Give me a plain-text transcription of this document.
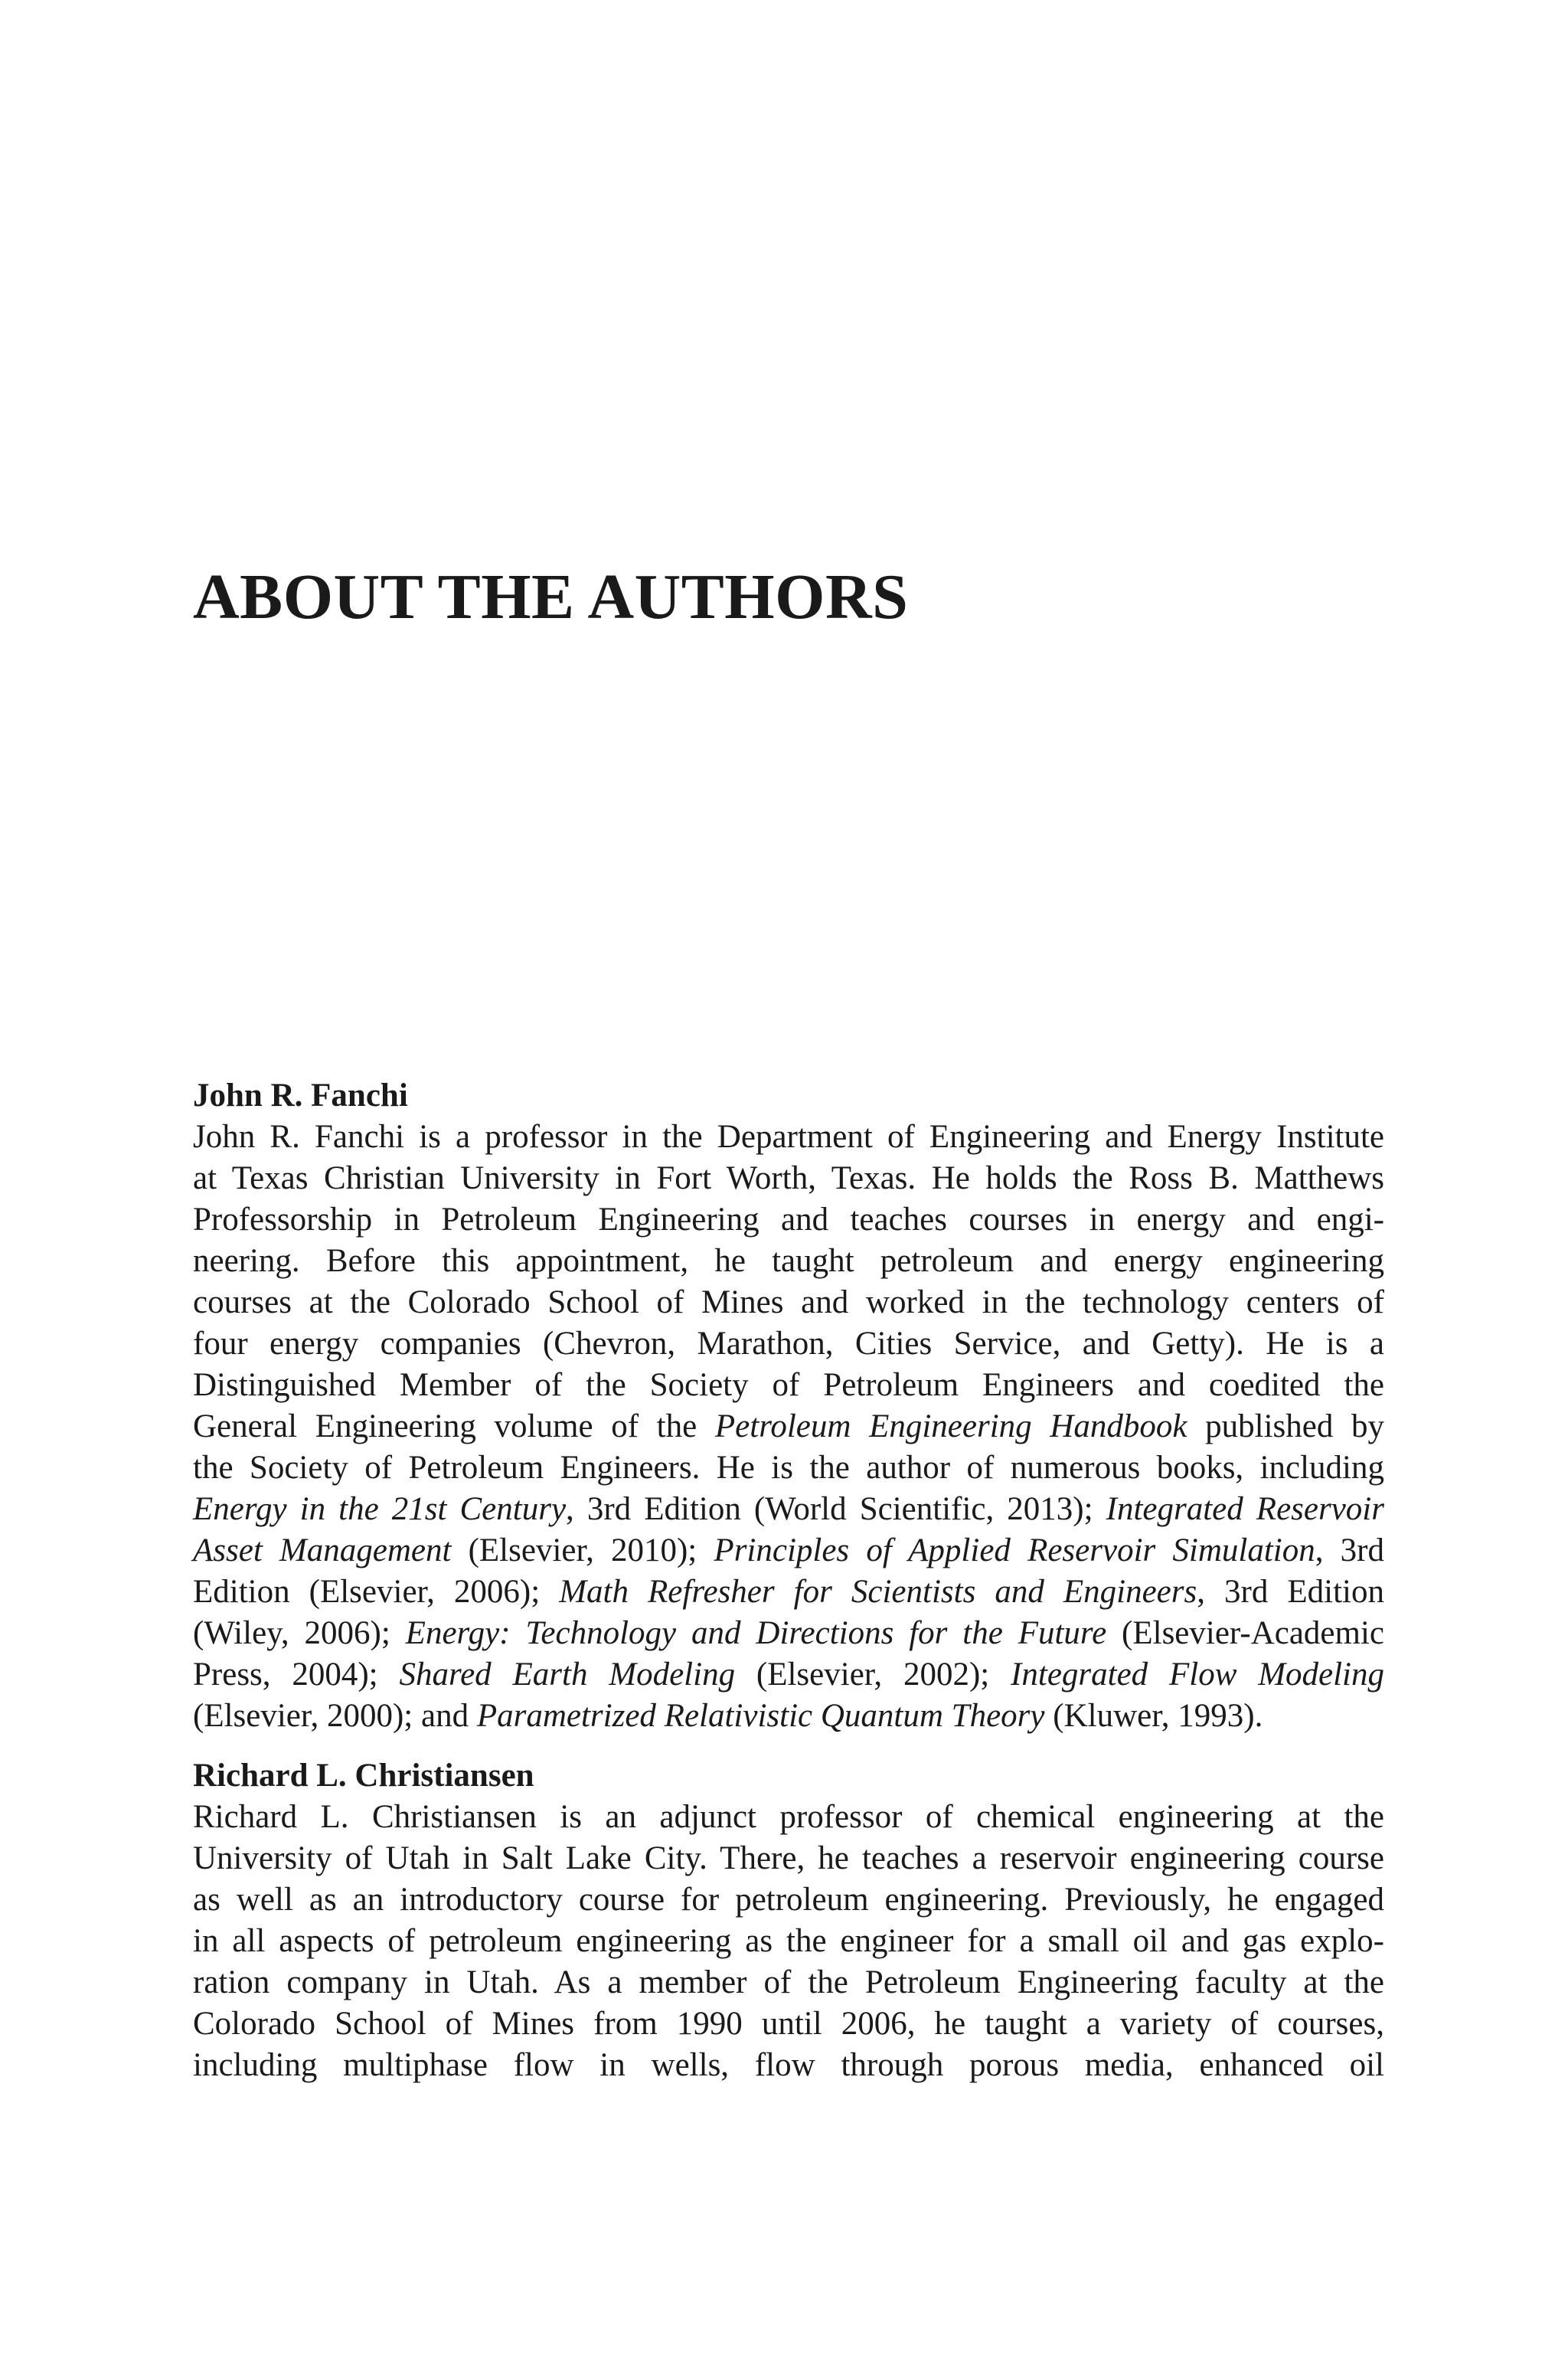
ABOUT THE AUTHORS
John R. Fanchi
John R. Fanchi is a professor in the Department of Engineering and Energy Institute
at Texas Christian University in Fort Worth, Texas. He holds the Ross B. Matthews
Professorship in Petroleum Engineering and teaches courses in energy and engi-
neering. Before this appointment, he taught petroleum and energy engineering
courses at the Colorado School of Mines and worked in the technology centers of
four energy companies (Chevron, Marathon, Cities Service, and Getty). He is a
Distinguished Member of the Society of Petroleum Engineers and coedited the
General Engineering volume of the Petroleum Engineering Handbook published by
the Society of Petroleum Engineers. He is the author of numerous books, including
Energy in the 21st Century, 3rd Edition (World Scientific, 2013); Integrated Reservoir
Asset Management (Elsevier, 2010); Principles of Applied Reservoir Simulation, 3rd
Edition (Elsevier, 2006); Math Refresher for Scientists and Engineers, 3rd Edition
(Wiley, 2006); Energy: Technology and Directions for the Future (Elsevier-Academic
Press, 2004); Shared Earth Modeling (Elsevier, 2002); Integrated Flow Modeling
(Elsevier, 2000); and Parametrized Relativistic Quantum Theory (Kluwer, 1993).
Richard L. Christiansen
Richard L. Christiansen is an adjunct professor of chemical engineering at the
University of Utah in Salt Lake City. There, he teaches a reservoir engineering course
as well as an introductory course for petroleum engineering. Previously, he engaged
in all aspects of petroleum engineering as the engineer for a small oil and gas explo-
ration company in Utah. As a member of the Petroleum Engineering faculty at the
Colorado School of Mines from 1990 until 2006, he taught a variety of courses,
including multiphase flow in wells, flow through porous media, enhanced oil
